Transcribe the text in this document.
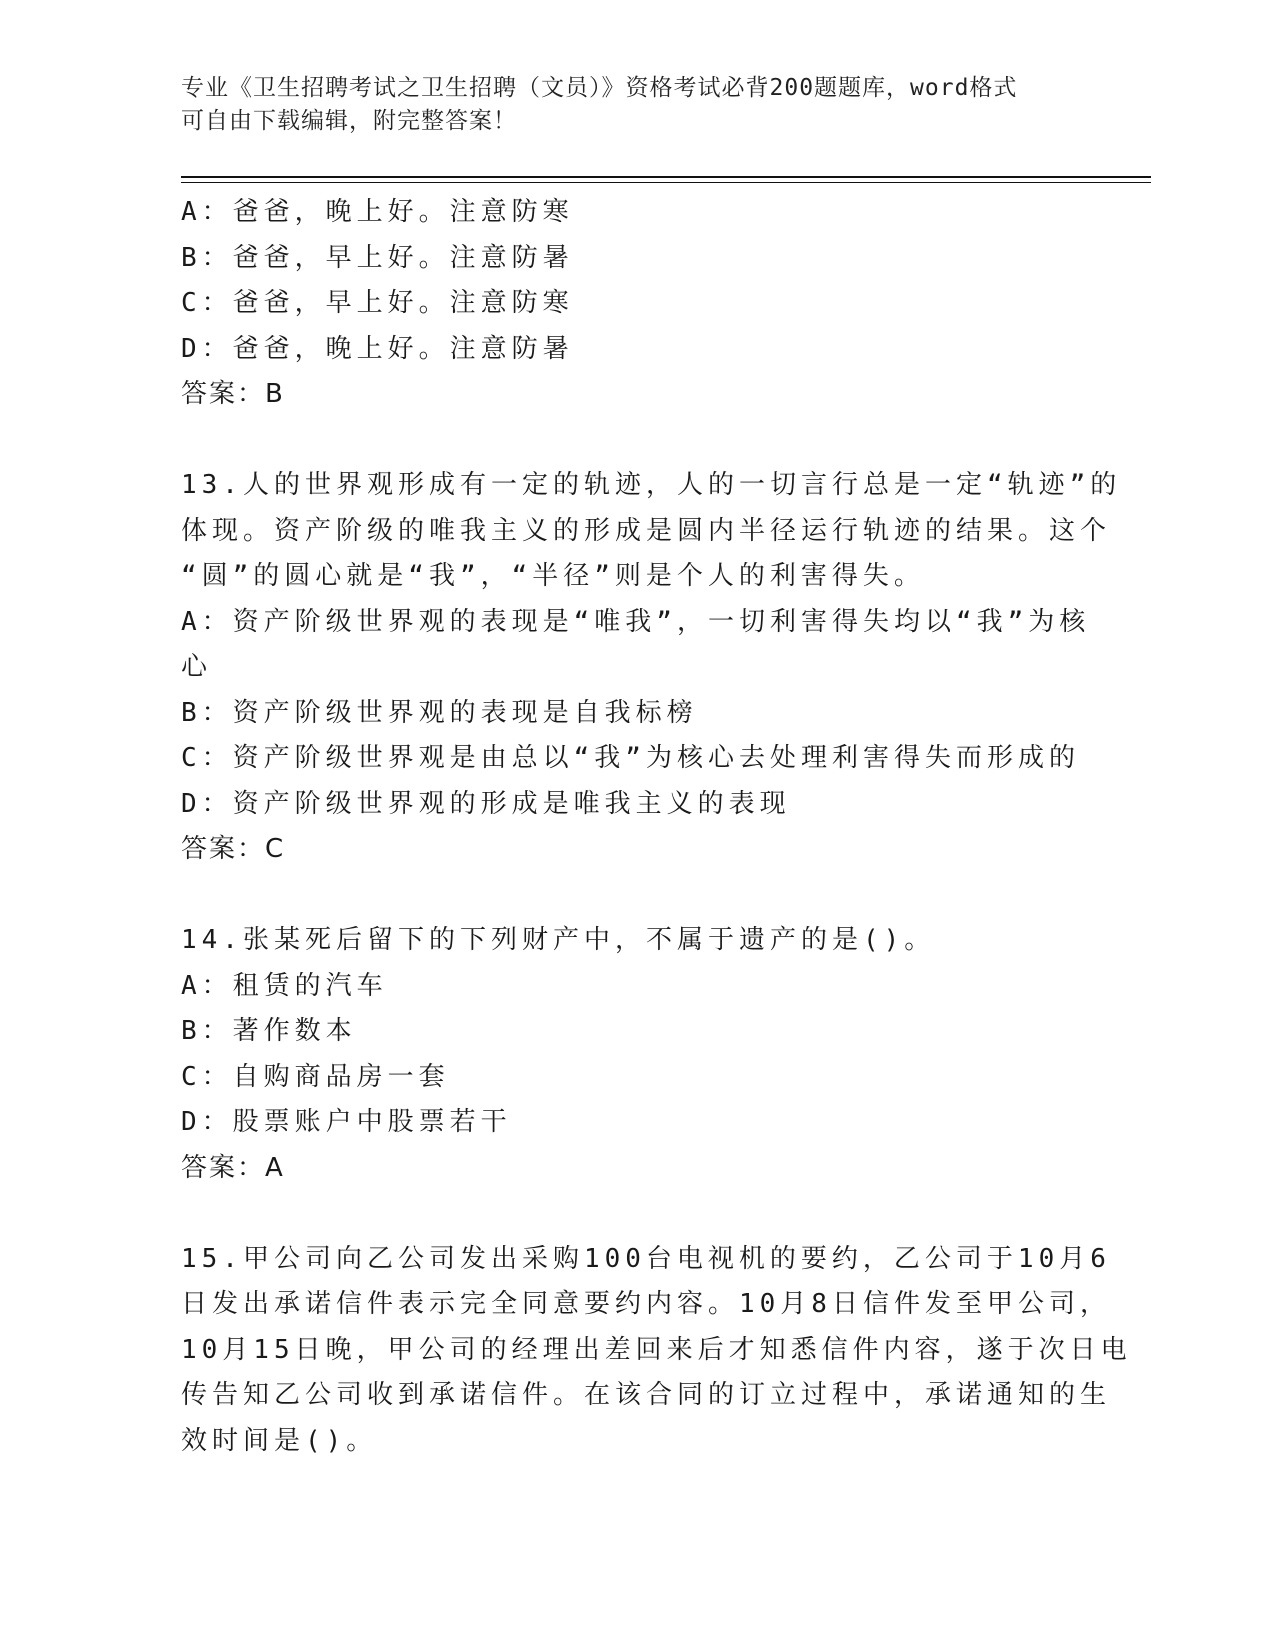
专业《卫生招聘考试之卫生招聘（文员）》资格考试必背200题题库，word格式
可自由下载编辑，附完整答案！
A：爸爸，晚上好。注意防寒
B：爸爸，早上好。注意防暑
C：爸爸，早上好。注意防寒
D：爸爸，晚上好。注意防暑
答案：B
13.人的世界观形成有一定的轨迹，人的一切言行总是一定“轨迹”的
体现。资产阶级的唯我主义的形成是圆内半径运行轨迹的结果。这个
“圆”的圆心就是“我”，“半径”则是个人的利害得失。
A：资产阶级世界观的表现是“唯我”，一切利害得失均以“我”为核
心
B：资产阶级世界观的表现是自我标榜
C：资产阶级世界观是由总以“我”为核心去处理利害得失而形成的
D：资产阶级世界观的形成是唯我主义的表现
答案：C
14.张某死后留下的下列财产中，不属于遗产的是()。
A：租赁的汽车
B：著作数本
C：自购商品房一套
D：股票账户中股票若干
答案：A
15.甲公司向乙公司发出采购100台电视机的要约，乙公司于10月6
日发出承诺信件表示完全同意要约内容。10月8日信件发至甲公司，
10月15日晚，甲公司的经理出差回来后才知悉信件内容，遂于次日电
传告知乙公司收到承诺信件。在该合同的订立过程中，承诺通知的生
效时间是()。
